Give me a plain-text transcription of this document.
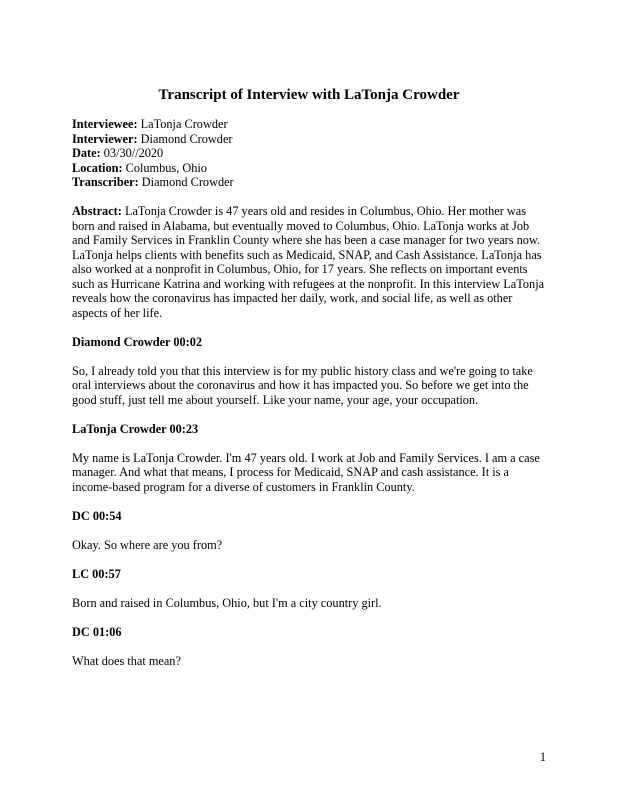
Transcript of Interview with LaTonja Crowder
Interviewee: LaTonja Crowder
Interviewer: Diamond Crowder
Date: 03/30//2020
Location: Columbus, Ohio
Transcriber: Diamond Crowder

Abstract: LaTonja Crowder is 47 years old and resides in Columbus, Ohio. Her mother was born and raised in Alabama, but eventually moved to Columbus, Ohio. LaTonja works at Job and Family Services in Franklin County where she has been a case manager for two years now. LaTonja helps clients with benefits such as Medicaid, SNAP, and Cash Assistance. LaTonja has also worked at a nonprofit in Columbus, Ohio, for 17 years. She reflects on important events such as Hurricane Katrina and working with refugees at the nonprofit. In this interview LaTonja reveals how the coronavirus has impacted her daily, work, and social life, as well as other aspects of her life.

Diamond Crowder 00:02

So, I already told you that this interview is for my public history class and we're going to take oral interviews about the coronavirus and how it has impacted you. So before we get into the good stuff, just tell me about yourself. Like your name, your age, your occupation.

LaTonja Crowder 00:23

My name is LaTonja Crowder. I'm 47 years old. I work at Job and Family Services. I am a case manager. And what that means, I process for Medicaid, SNAP and cash assistance. It is a income-based program for a diverse of customers in Franklin County.

DC 00:54

Okay. So where are you from?

LC 00:57

Born and raised in Columbus, Ohio, but I'm a city country girl.

DC 01:06

What does that mean?

1
